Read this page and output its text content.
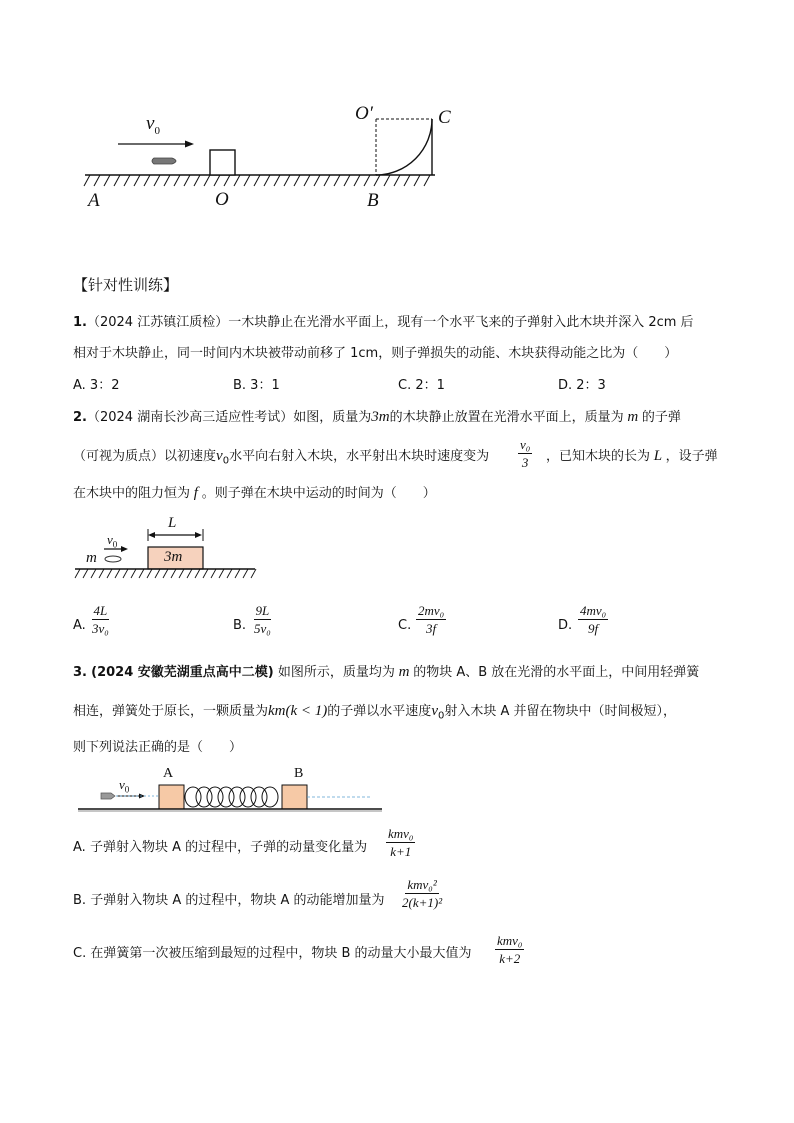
$v_0$
A	O	B
O′	C
【针对性训练】
1.（2024 江苏镇江质检）一木块静止在光滑水平面上，现有一个水平飞来的子弹射入此木块并深入 2cm 后
相对于木块静止，同一时间内木块被带动前移了 1cm，则子弹损失的动能、木块获得动能之比为（　　）
A. 3：2	B. 3：1	C. 2：1	D. 2：3
2.（2024 湖南长沙高三适应性考试）如图，质量为3m的木块静止放置在光滑水平面上，质量为 m 的子弹
（可视为质点）以初速度$v_0$水平向右射入木块，水平射出木块时速度变为 $\frac{\text{v₀}}{3}$ ，已知木块的长为 L ，设子弹
在木块中的阻力恒为 f 。则子弹在木块中运动的时间为（　　）
L
$v_0$
m	3m
A. $\frac{4L}{\text{3v₀}}$	B. $\frac{9L}{\text{5v₀}}$	C. $\frac{\text{2mv₀}}{3f}$	D. $\frac{\text{4mv₀}}{9f}$
3. (2024 安徽芜湖重点高中二模) 如图所示，质量均为 m 的物块 A、B 放在光滑的水平面上，中间用轻弹簧
相连，弹簧处于原长，一颗质量为km(k < 1)的子弹以水平速度$v_0$射入木块 A 并留在物块中（时间极短），
则下列说法正确的是（　　）
$v_0$
A	B
A. 子弹射入物块 A 的过程中，子弹的动量变化量为
kmv₀
k+1
B. 子弹射入物块 A 的过程中，物块 A 的动能增加量为
kmv₀²
2(k+1)²
C. 在弹簧第一次被压缩到最短的过程中，物块 B 的动量大小最大值为
kmv₀
k+2
